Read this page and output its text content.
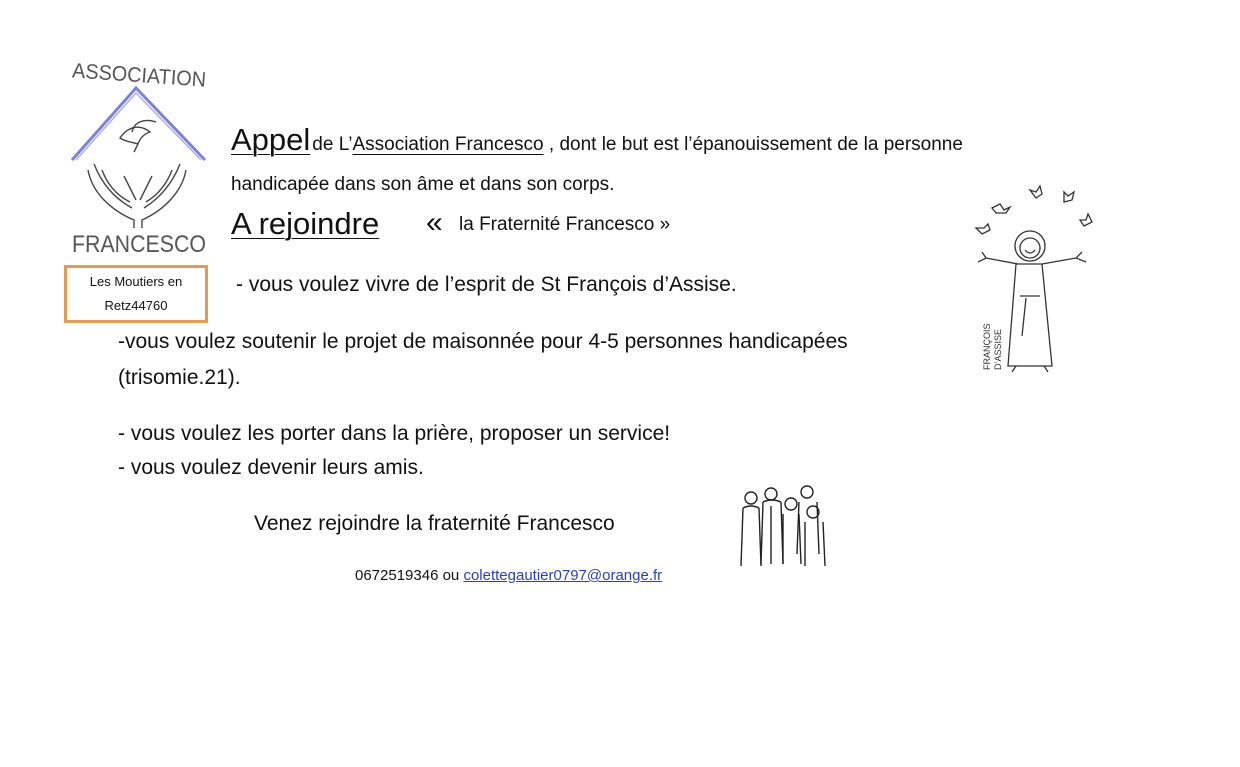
ASSOCIATION
FRANCESCO
Les Moutiers en
Retz44760
Appel de L’Association Francesco , dont le but est l’épanouissement de la personne
handicapée dans son âme et dans son corps.
A rejoindre « la Fraternité Francesco »
- vous voulez vivre de l’esprit de St François d’Assise.
-vous voulez soutenir le projet de maisonnée pour 4-5 personnes handicapées
(trisomie.21).
- vous voulez les porter dans la prière, proposer un service!
- vous voulez devenir leurs amis.
Venez rejoindre la fraternité Francesco
0672519346 ou colettegautier0797@orange.fr
FRANÇOIS D’ASSISE
